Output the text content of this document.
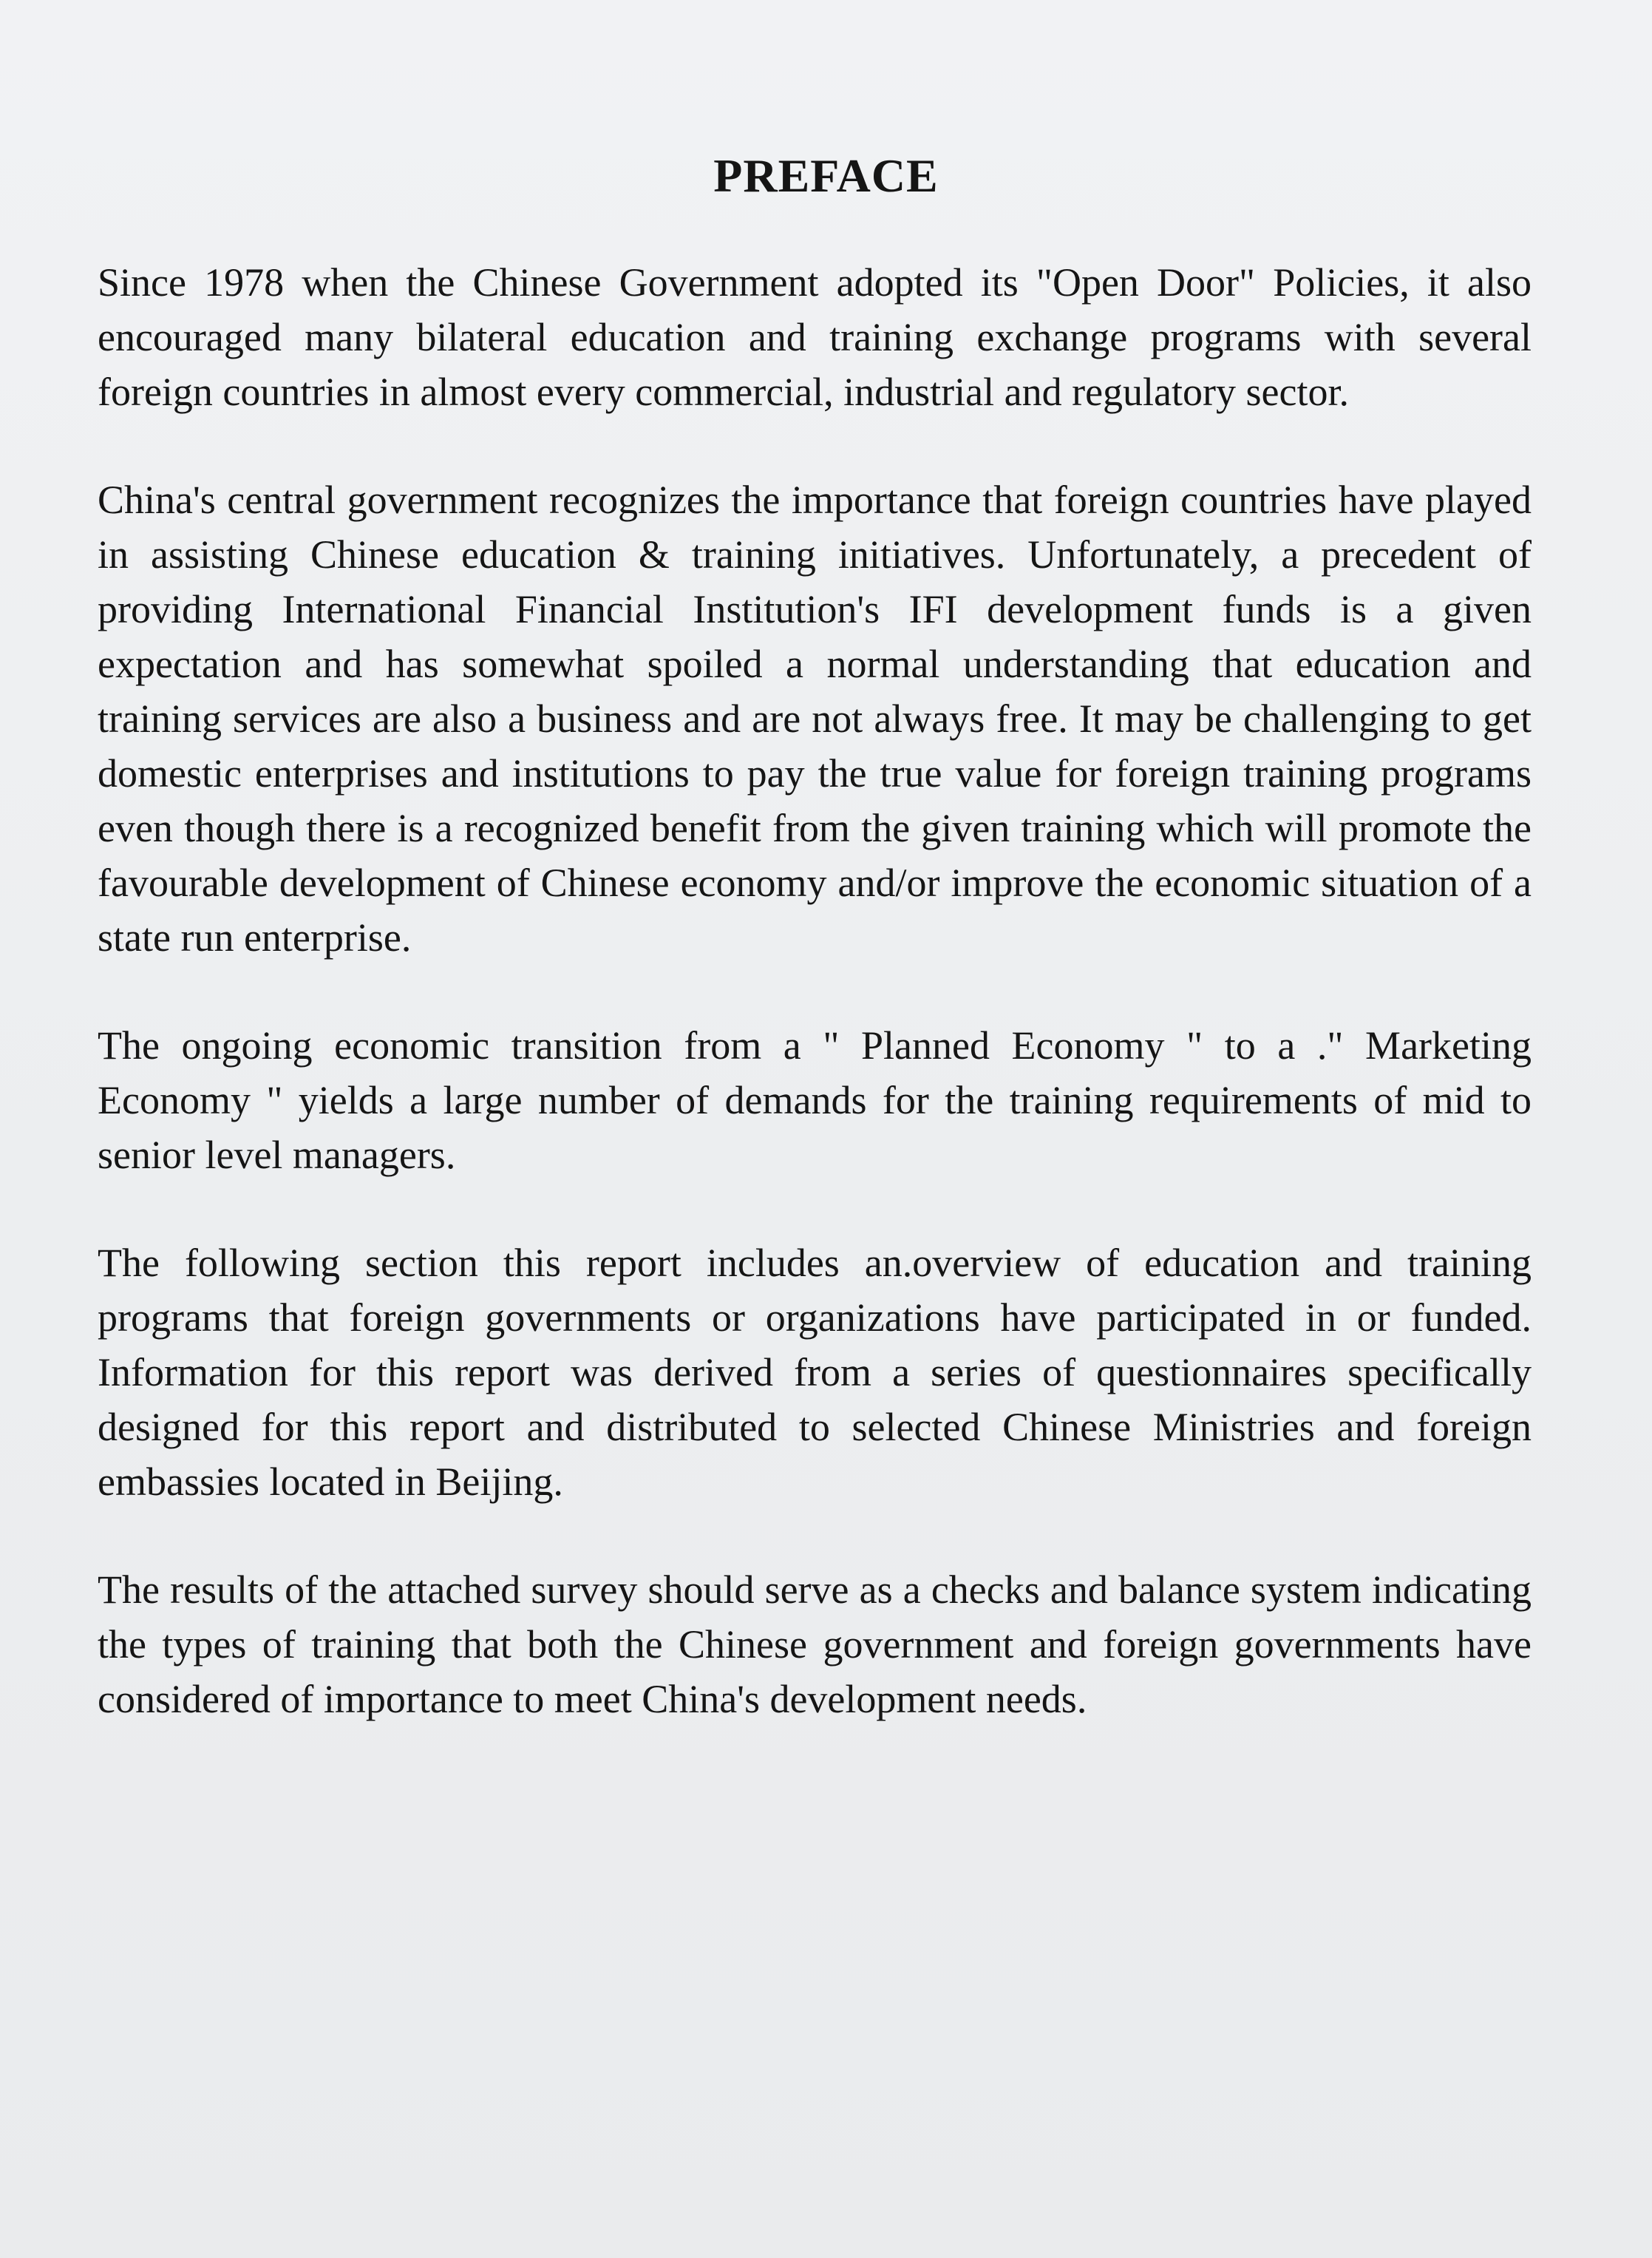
PREFACE

Since 1978 when the Chinese Government adopted its "Open Door" Policies, it also encouraged many bilateral education and training exchange programs with several foreign countries in almost every commercial, industrial and regulatory sector.

China's central government recognizes the importance that foreign countries have played in assisting Chinese education & training initiatives. Unfortunately, a precedent of providing International Financial Institution's IFI development funds is a given expectation and has somewhat spoiled a normal understanding that education and training services are also a business and are not always free. It may be challenging to get domestic enterprises and institutions to pay the true value for foreign training programs even though there is a recognized benefit from the given training which will promote the favourable development of Chinese economy and/or improve the economic situation of a state run enterprise.

The ongoing economic transition from a " Planned Economy " to a ." Marketing Economy " yields a large number of demands for the training requirements of mid to senior level managers.

The following section this report includes an.overview of education and training programs that foreign governments or organizations have participated in or funded. Information for this report was derived from a series of questionnaires specifically designed for this report and distributed to selected Chinese Ministries and foreign embassies located in Beijing.

The results of the attached survey should serve as a checks and balance system indicating the types of training that both the Chinese government and foreign governments have considered of importance to meet China's development needs.
